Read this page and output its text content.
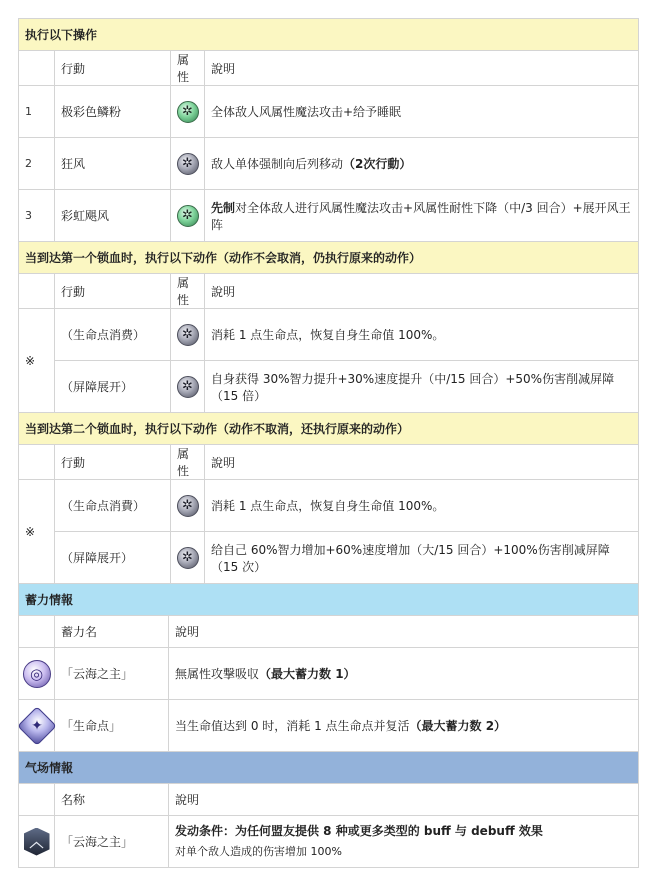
执行以下操作			
	行動	属性	說明
1	极彩色鳞粉	✲	全体敌人风属性魔法攻击+给予睡眠
2	狂风	✲	敌人单体强制向后列移动（2次行動）
3	彩虹飓风	✲	先制对全体敌人进行风属性魔法攻击+风属性耐性下降（中/3 回合）+展开风王阵
当到达第一个锁血时，执行以下动作（动作不会取消，仍执行原来的动作）			
	行動	属性	說明
※	（生命点消费）	✲	消耗 1 点生命点，恢复自身生命值 100%。
	（屏障展开）	✲	自身获得 30%智力提升+30%速度提升（中/15 回合）+50%伤害削减屏障（15 倍）
当到达第二个锁血时，执行以下动作（动作不取消，还执行原来的动作）			
	行動	属性	說明
※	（生命点消費）	✲	消耗 1 点生命点，恢复自身生命值 100%。
	（屏障展开）	✲	给自己 60%智力增加+60%速度增加（大/15 回合）+100%伤害削减屏障（15 次）
蓄力情報		
	蓄力名	說明
◎	「云海之主」	無属性攻撃吸収（最大蓄力数 1）
✦	「生命点」	当生命值达到 0 时，消耗 1 点生命点并复活（最大蓄力数 2）
气场情報		
	名称	說明
︿	「云海之主」	发动条件：为任何盟友提供 8 种或更多类型的 buff 与 debuff 效果
对单个敌人造成的伤害增加 100%
